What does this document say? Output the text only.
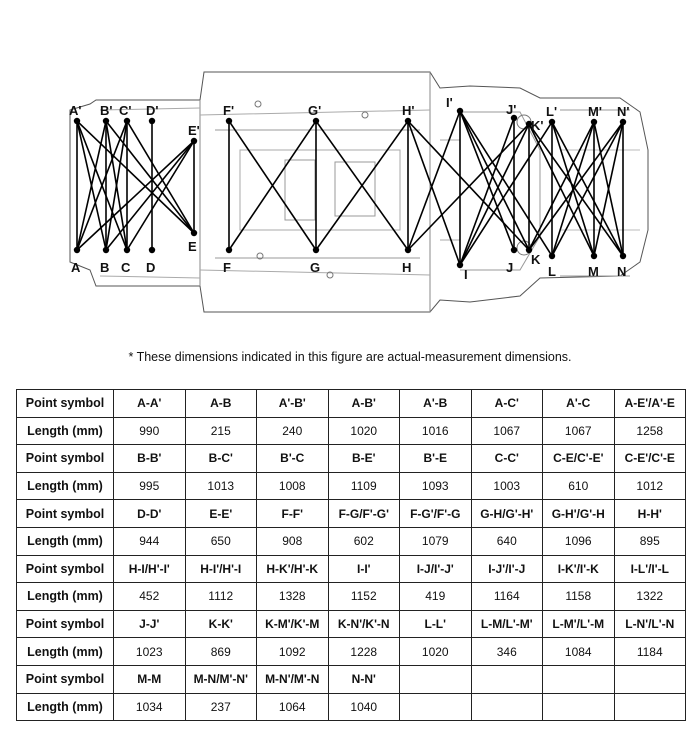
A
A'
B
B'
C
C'
D
D'
E
E'
F
F'
G
G'
H
H'
I
I'
J
J'
K
K'
L
L'
M
M'
N
N'
* These dimensions indicated in this figure are actual-measurement dimensions.
Point symbol	A-A'	A-B	A'-B'	A-B'	A'-B	A-C'	A'-C	A-E'/A'-E
Length (mm)	990	215	240	1020	1016	1067	1067	1258
Point symbol	B-B'	B-C'	B'-C	B-E'	B'-E	C-C'	C-E/C'-E'	C-E'/C'-E
Length (mm)	995	1013	1008	1109	1093	1003	610	1012
Point symbol	D-D'	E-E'	F-F'	F-G/F'-G'	F-G'/F'-G	G-H/G'-H'	G-H'/G'-H	H-H'
Length (mm)	944	650	908	602	1079	640	1096	895
Point symbol	H-I/H'-I'	H-I'/H'-I	H-K'/H'-K	I-I'	I-J/I'-J'	I-J'/I'-J	I-K'/I'-K	I-L'/I'-L
Length (mm)	452	1112	1328	1152	419	1164	1158	1322
Point symbol	J-J'	K-K'	K-M'/K'-M	K-N'/K'-N	L-L'	L-M/L'-M'	L-M'/L'-M	L-N'/L'-N
Length (mm)	1023	869	1092	1228	1020	346	1084	1184
Point symbol	M-M	M-N/M'-N'	M-N'/M'-N	N-N'				
Length (mm)	1034	237	1064	1040				
